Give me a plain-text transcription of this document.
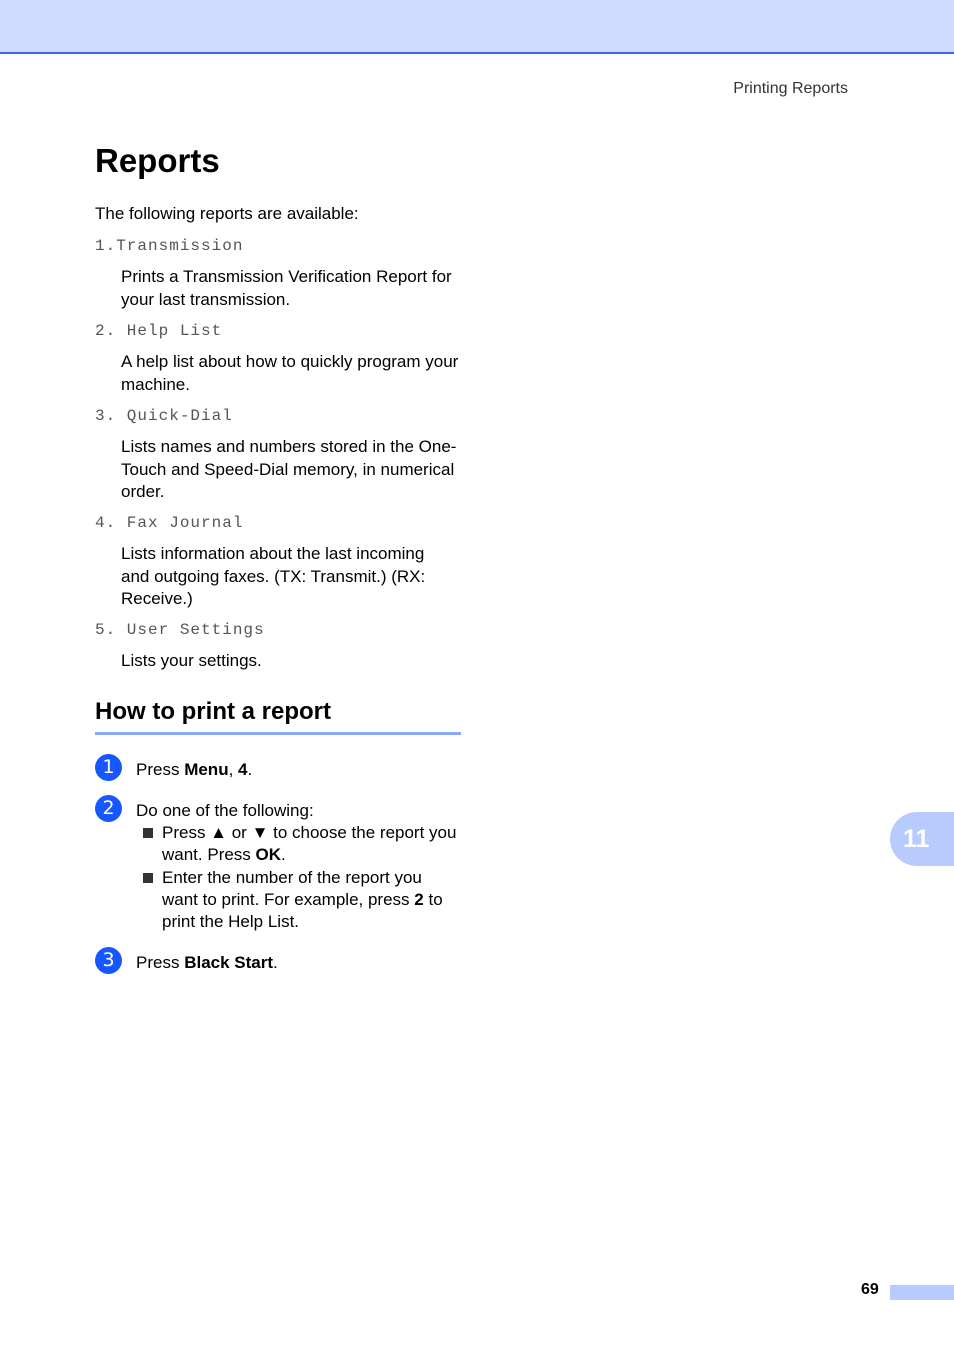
Printing Reports
Reports
The following reports are available:
1.Transmission
Prints a Transmission Verification Report for your last transmission.
2. Help List
A help list about how to quickly program your machine.
3. Quick-Dial
Lists names and numbers stored in the One-Touch and Speed-Dial memory, in numerical order.
4. Fax Journal
Lists information about the last incoming and outgoing faxes. (TX: Transmit.) (RX: Receive.)
5. User Settings
Lists your settings.
How to print a report
1	Press Menu, 4.
2	Do one of the following:
Press ▲ or ▼ to choose the report you want. Press OK.
Enter the number of the report you want to print. For example, press 2 to print the Help List.
3	Press Black Start.
11
69
